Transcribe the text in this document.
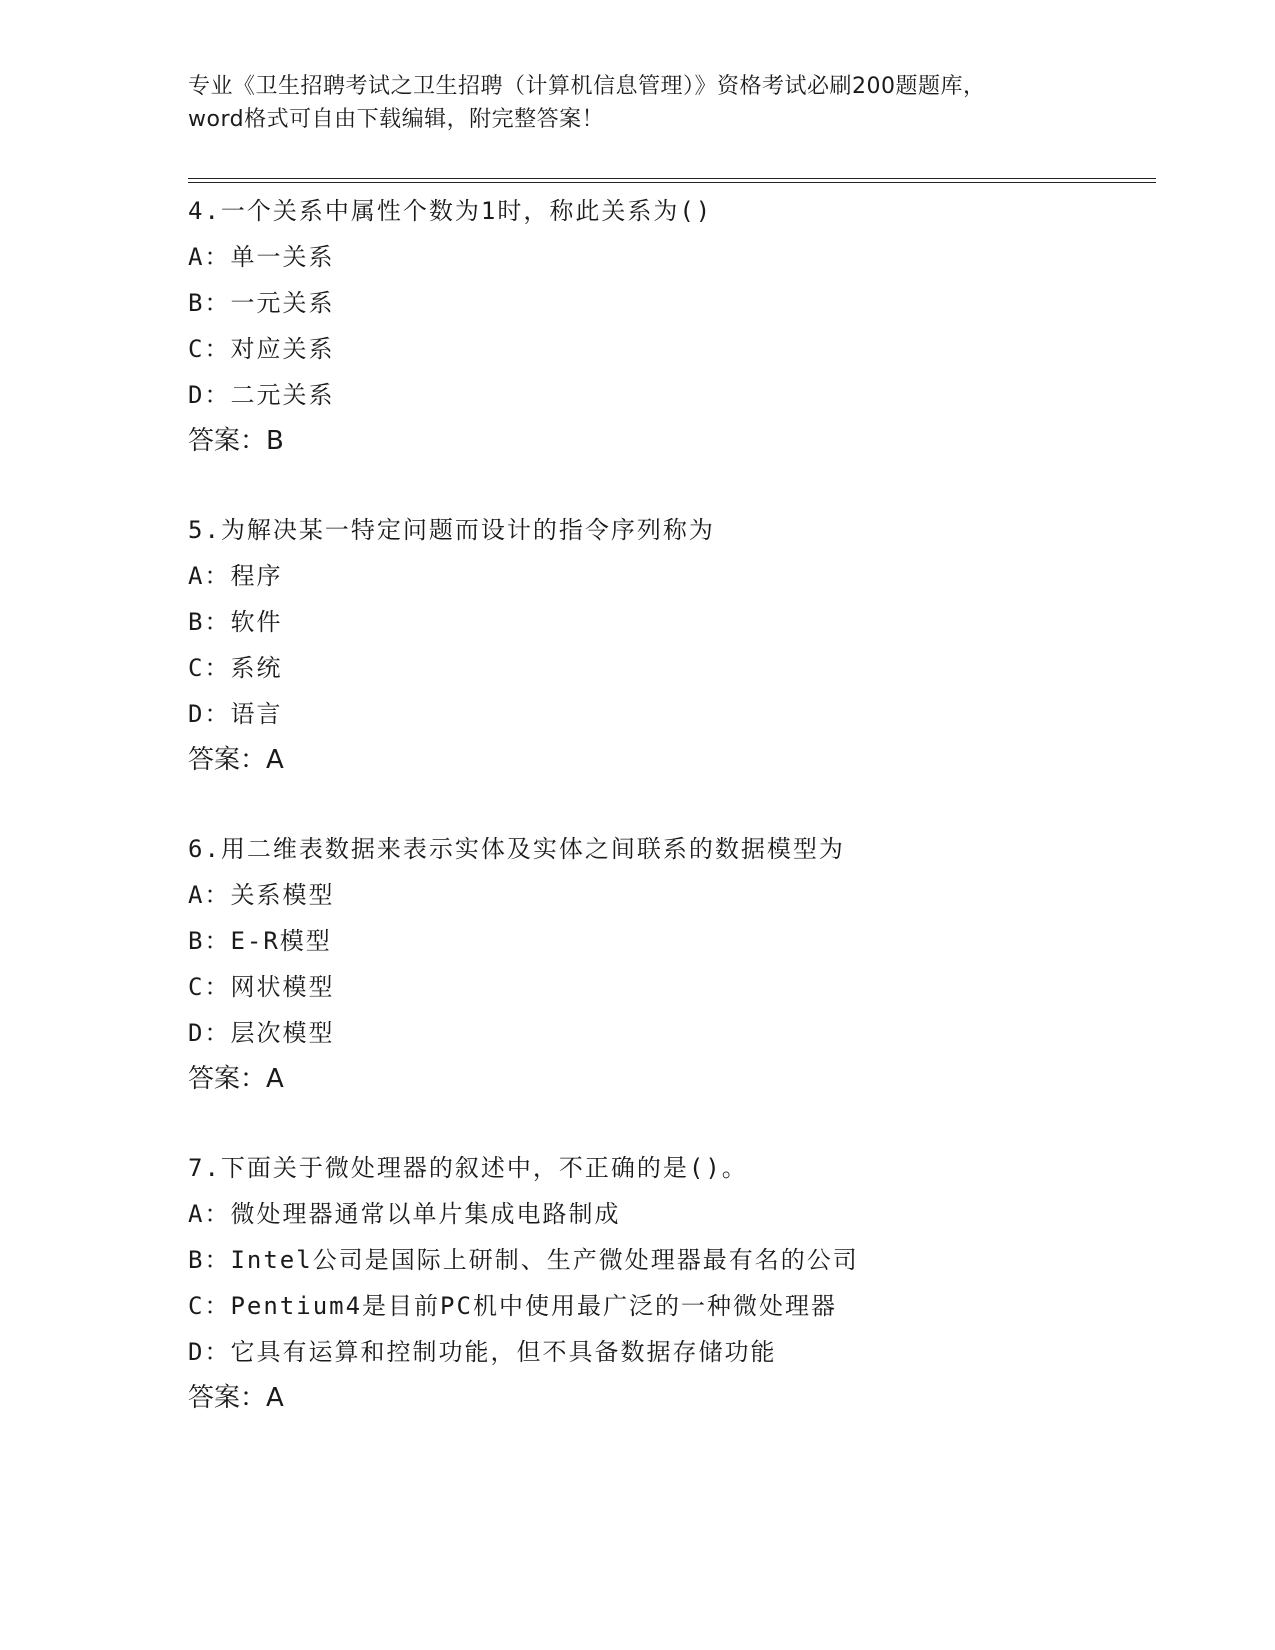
专业《卫生招聘考试之卫生招聘（计算机信息管理）》资格考试必刷200题题库，
word格式可自由下载编辑，附完整答案！
4.一个关系中属性个数为1时，称此关系为()
A：单一关系
B：一元关系
C：对应关系
D：二元关系
答案：B
5.为解决某一特定问题而设计的指令序列称为
A：程序
B：软件
C：系统
D：语言
答案：A
6.用二维表数据来表示实体及实体之间联系的数据模型为
A：关系模型
B：E-R模型
C：网状模型
D：层次模型
答案：A
7.下面关于微处理器的叙述中，不正确的是()。
A：微处理器通常以单片集成电路制成
B：Intel公司是国际上研制、生产微处理器最有名的公司
C：Pentium4是目前PC机中使用最广泛的一种微处理器
D：它具有运算和控制功能，但不具备数据存储功能
答案：A
